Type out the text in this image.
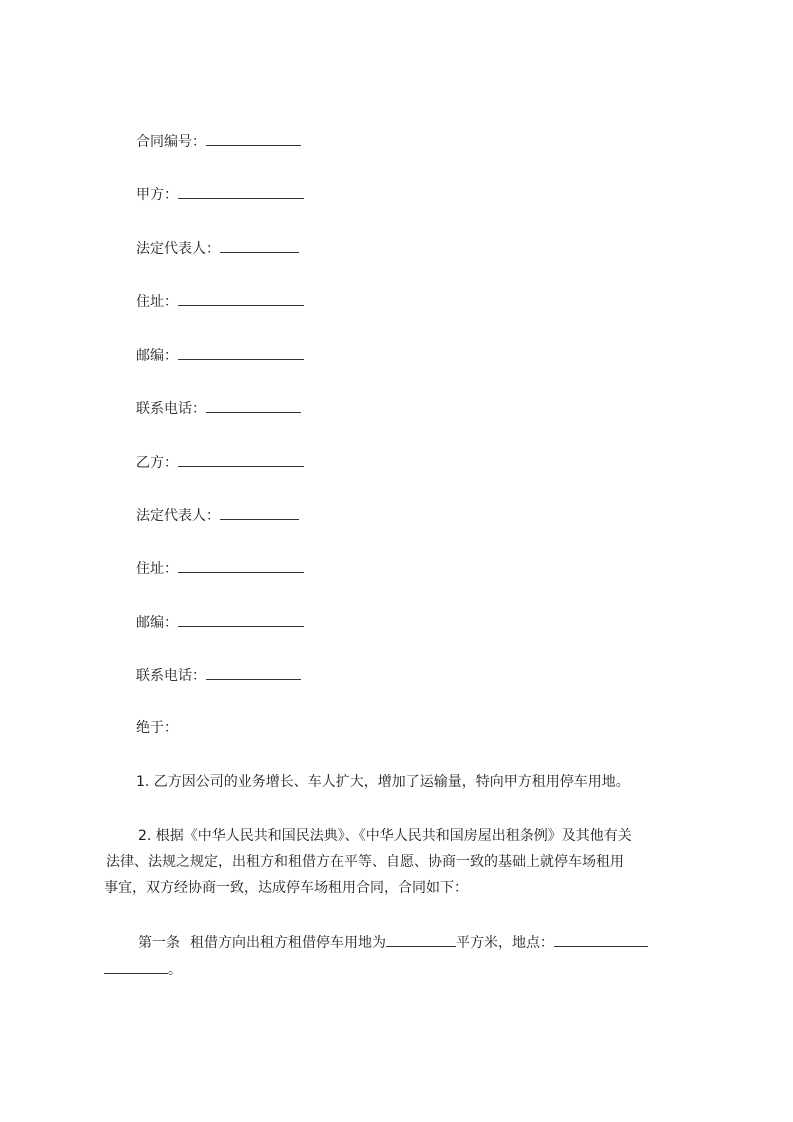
合同编号：
甲方：
法定代表人：
住址：
邮编：
联系电话：
乙方：
法定代表人：
住址：
邮编：
联系电话：
绝于：
1. 乙方因公司的业务增长、车人扩大，增加了运输量，特向甲方租用停车用地。
2. 根据《中华人民共和国民法典》、《中华人民共和国房屋出租条例》及其他有关
法律、法规之规定，出租方和租借方在平等、自愿、协商一致的基础上就停车场租用
事宜，双方经协商一致，达成停车场租用合同，合同如下：
第一条 租借方向出租方租借停车用地为	平方米，地点：
。
